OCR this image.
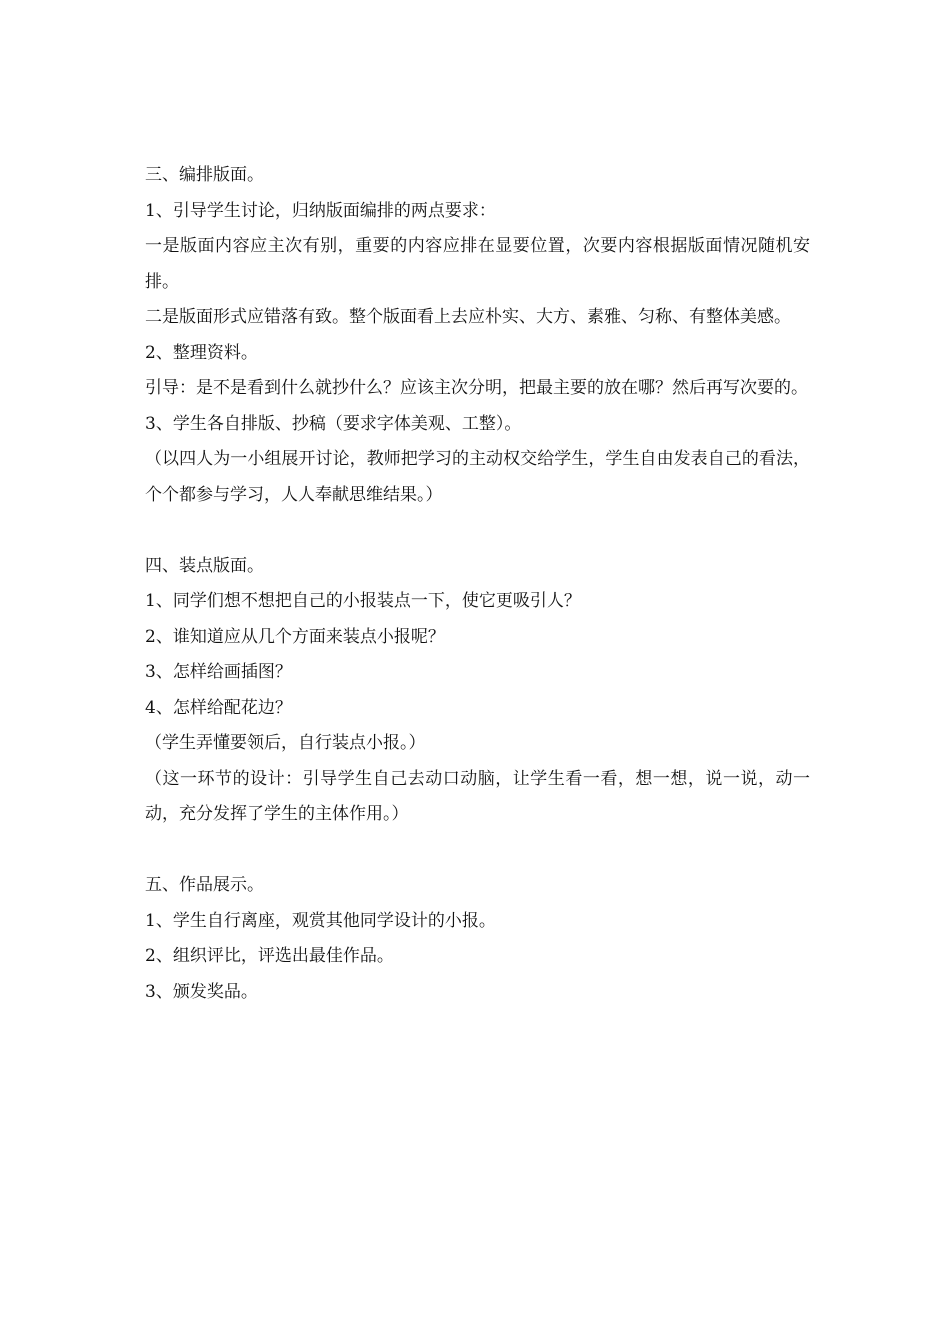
三、编排版面。

1、引导学生讨论，归纳版面编排的两点要求：

一是版面内容应主次有别，重要的内容应排在显要位置，次要内容根据版面情况随机安排。

二是版面形式应错落有致。整个版面看上去应朴实、大方、素雅、匀称、有整体美感。

2、整理资料。

引导：是不是看到什么就抄什么？应该主次分明，把最主要的放在哪？然后再写次要的。

3、学生各自排版、抄稿（要求字体美观、工整）。

（以四人为一小组展开讨论，教师把学习的主动权交给学生，学生自由发表自己的看法，个个都参与学习，人人奉献思维结果。）

四、装点版面。

1、同学们想不想把自己的小报装点一下，使它更吸引人？

2、谁知道应从几个方面来装点小报呢？

3、怎样给画插图？

4、怎样给配花边？

（学生弄懂要领后，自行装点小报。）

（这一环节的设计：引导学生自己去动口动脑，让学生看一看，想一想，说一说，动一动，充分发挥了学生的主体作用。）

五、作品展示。

1、学生自行离座，观赏其他同学设计的小报。

2、组织评比，评选出最佳作品。

3、颁发奖品。
